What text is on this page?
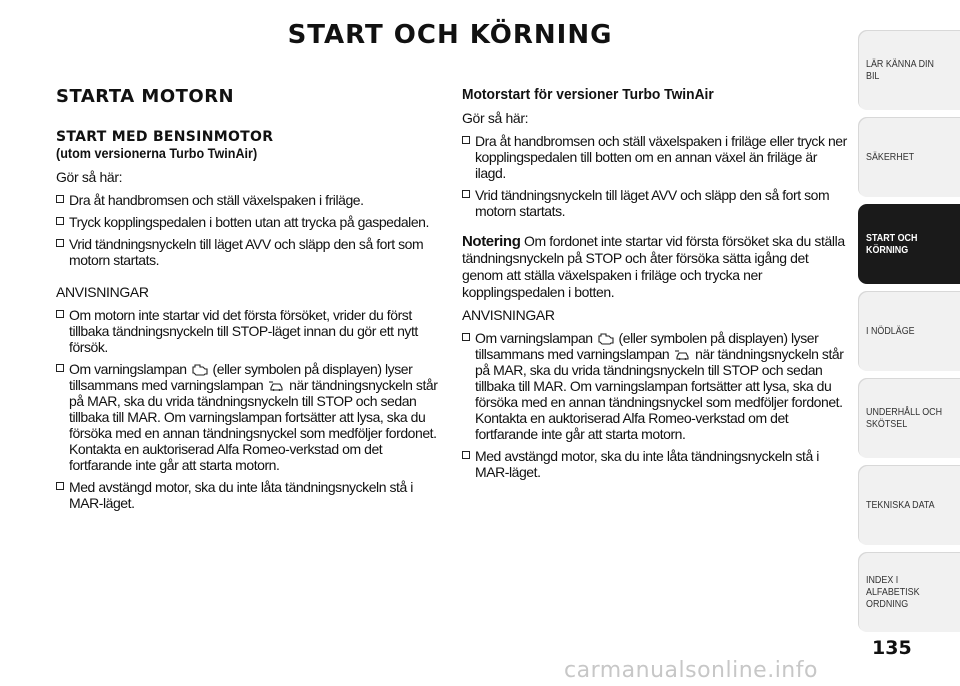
START OCH KÖRNING
STARTA MOTORN
START MED BENSINMOTOR
(utom versionerna Turbo TwinAir)

Gör så här:

Dra åt handbromsen och ställ växelspaken i friläge.
Tryck kopplingspedalen i botten utan att trycka på gaspedalen.
Vrid tändningsnyckeln till läget AVV och släpp den så fort som motorn startats.

ANVISNINGAR

Om motorn inte startar vid det första försöket, vrider du först tillbaka tändningsnyckeln till STOP-läget innan du gör ett nytt försök.
Om varningslampan (eller symbolen på displayen) lyser tillsammans med varningslampan när tändningsnyckeln står på MAR, ska du vrida tändningsnyckeln till STOP och sedan tillbaka till MAR. Om varningslampan fortsätter att lysa, ska du försöka med en annan tändningsnyckel som medföljer fordonet. Kontakta en auktoriserad Alfa Romeo-verkstad om det fortfarande inte går att starta motorn.
Med avstängd motor, ska du inte låta tändningsnyckeln stå i MAR-läget.
Motorstart för versioner Turbo TwinAir

Gör så här:

Dra åt handbromsen och ställ växelspaken i friläge eller tryck ner kopplingspedalen till botten om en annan växel än friläge är ilagd.
Vrid tändningsnyckeln till läget AVV och släpp den så fort som motorn startats.

Notering Om fordonet inte startar vid första försöket ska du ställa tändningsnyckeln på STOP och åter försöka sätta igång det genom att ställa växelspaken i friläge och trycka ner kopplingspedalen i botten.

ANVISNINGAR

Om varningslampan (eller symbolen på displayen) lyser tillsammans med varningslampan när tändningsnyckeln står på MAR, ska du vrida tändningsnyckeln till STOP och sedan tillbaka till MAR. Om varningslampan fortsätter att lysa, ska du försöka med en annan tändningsnyckel som medföljer fordonet. Kontakta en auktoriserad Alfa Romeo-verkstad om det fortfarande inte går att starta motorn.
Med avstängd motor, ska du inte låta tändningsnyckeln stå i MAR-läget.
LÄR KÄNNA DIN BIL
SÄKERHET
START OCH KÖRNING
I NÖDLÄGE
UNDERHÅLL OCH SKÖTSEL
TEKNISKA DATA
INDEX I ALFABETISK ORDNING
135
carmanualsonline.info
